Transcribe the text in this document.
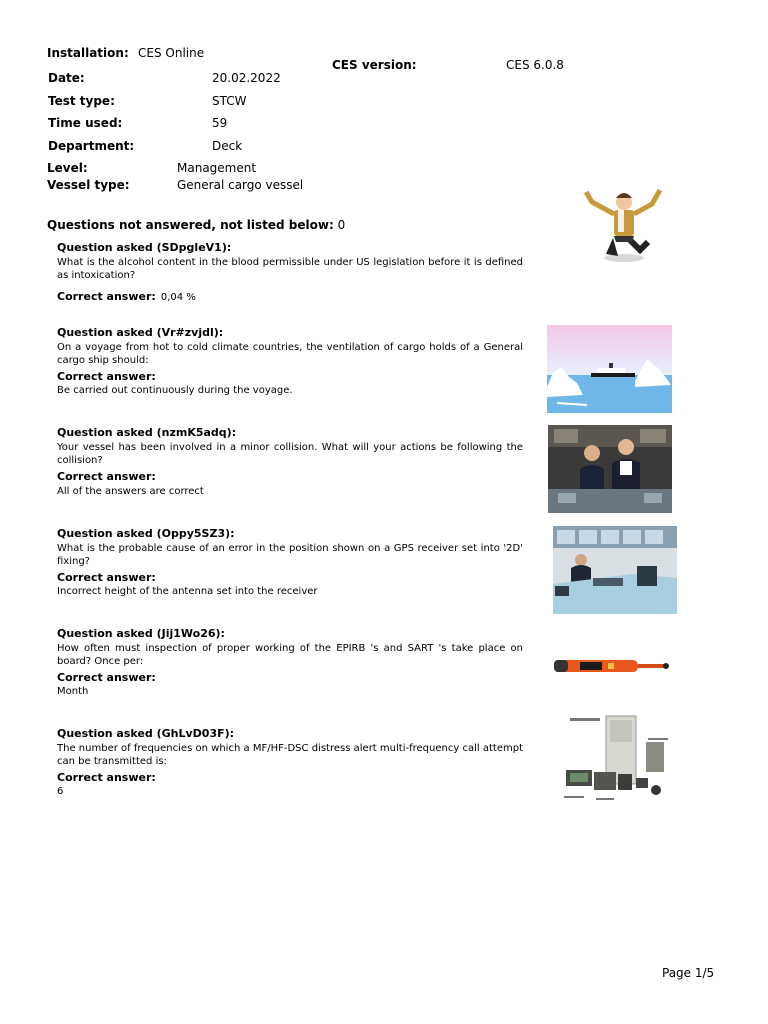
Installation: CES Online
CES version:	CES 6.0.8
Date:	20.02.2022
Test type:	STCW
Time used:	59
Department:	Deck
Level:	Management
Vessel type:	General cargo vessel
Questions not answered, not listed below: 0
Question asked (SDpgleV1):
What is the alcohol content in the blood permissible under US legislation before it is defined as intoxication?
Correct answer: 0,04 %
Question asked (Vr#zvjdl):
On a voyage from hot to cold climate countries, the ventilation of cargo holds of a General cargo ship should:
Correct answer:
Be carried out continuously during the voyage.
Question asked (nzmK5adq):
Your vessel has been involved in a minor collision. What will your actions be following the collision?
Correct answer:
All of the answers are correct
Question asked (Oppy5SZ3):
What is the probable cause of an error in the position shown on a GPS receiver set into '2D' fixing?
Correct answer:
Incorrect height of the antenna set into the receiver
Question asked (Jij1Wo26):
How often must inspection of proper working of the EPIRB 's and SART 's take place on board? Once per:
Correct answer:
Month
Question asked (GhLvD03F):
The number of frequencies on which a MF/HF-DSC distress alert multi-frequency call attempt can be transmitted is:
Correct answer:
6
Page 1/5
